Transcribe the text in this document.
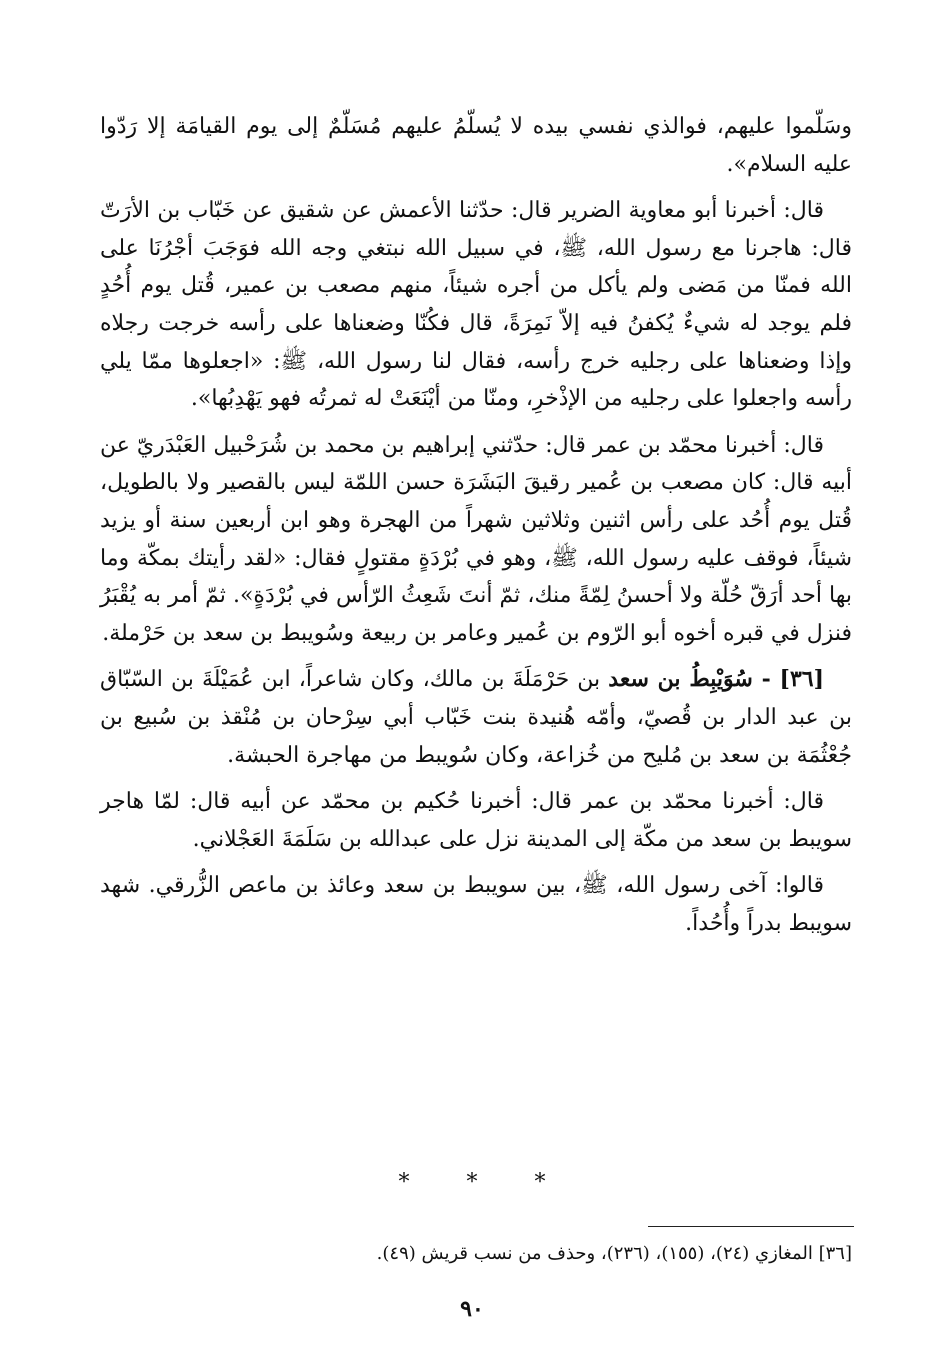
وسَلّموا عليهم، فوالذي نفسي بيده لا يُسلّمُ عليهم مُسَلّمٌ إلى يوم القيامَة إلا رَدّوا عليه السلام».

قال: أخبرنا أبو معاوية الضرير قال: حدّثنا الأعمش عن شقيق عن خَبّاب بن الأرَتّ قال: هاجرنا مع رسول الله، ﷺ، في سبيل الله نبتغي وجه الله فوَجَبَ أجْرُنَا على الله فمنّا من مَضى ولم يأكل من أجره شيئاً، منهم مصعب بن عمير، قُتل يوم أُحُدٍ فلم يوجد له شيءٌ يُكفنُ فيه إلاّ نَمِرَةً، قال فكُنّا وضعناها على رأسه خرجت رجلاه وإذا وضعناها على رجليه خرج رأسه، فقال لنا رسول الله، ﷺ: «اجعلوها ممّا يلي رأسه واجعلوا على رجليه من الإذْخرِ، ومنّا من أيْنَعَتْ له ثمرتُه فهو يَهْدِبُها».

قال: أخبرنا محمّد بن عمر قال: حدّثني إبراهيم بن محمد بن شُرَحْبيل العَبْدَريّ عن أبيه قال: كان مصعب بن عُمير رقيقَ البَشَرَة حسن اللمّة ليس بالقصير ولا بالطويل، قُتل يوم أُحُد على رأس اثنين وثلاثين شهراً من الهجرة وهو ابن أربعين سنة أو يزيد شيئاً، فوقف عليه رسول الله، ﷺ، وهو في بُرْدَةٍ مقتولٍ فقال: «لقد رأيتك بمكّة وما بها أحد أرَقّ حُلّة ولا أحسنُ لِمّةً منك، ثمّ أنتَ شَعِثُ الرّأس في بُرْدَةٍ». ثمّ أمر به يُقْبَرُ فنزل في قبره أخوه أبو الرّوم بن عُمير وعامر بن ربيعة وسُويبط بن سعد بن حَرْملة.

[٣٦] - سُوَيْبِطُ بن سعد بن حَرْمَلَةَ بن مالك، وكان شاعراً، ابن عُمَيْلَةَ بن السّبّاق بن عبد الدار بن قُصيّ، وأمّه هُنيدة بنت خَبّاب أبي سِرْحان بن مُنْقذ بن سُبيع بن جُعْثُمَة بن سعد بن مُليح من خُزاعة، وكان سُويبط من مهاجرة الحبشة.

قال: أخبرنا محمّد بن عمر قال: أخبرنا حُكيم بن محمّد عن أبيه قال: لمّا هاجر سويبط بن سعد من مكّة إلى المدينة نزل على عبدالله بن سَلَمَةَ العَجْلاني.

قالوا: آخى رسول الله، ﷺ، بين سويبط بن سعد وعائذ بن ماعص الزُّرقي. شهد سويبط بدراً وأُحُداً.

* * *
[٣٦] المغازي (٢٤)، (١٥٥)، (٢٣٦)، وحذف من نسب قريش (٤٩).
٩٠
